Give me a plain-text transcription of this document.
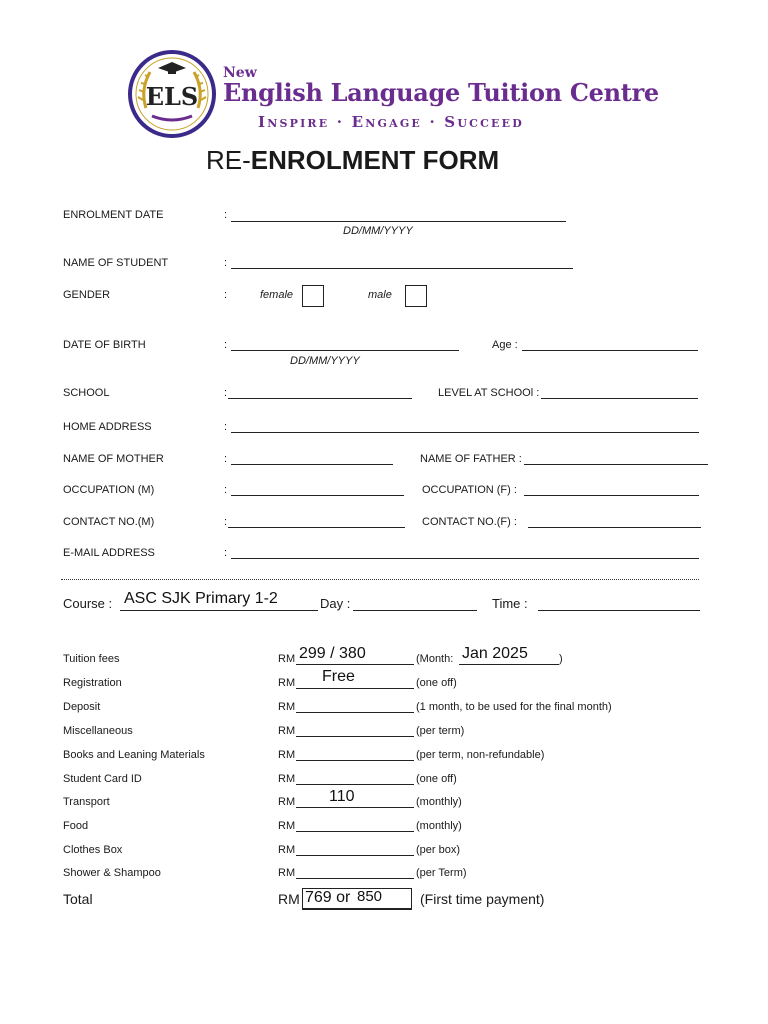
ELS
New
English Language Tuition Centre
Inspire · Engage · Succeed
RE-ENROLMENT FORM
ENROLMENT DATE	:
DD/MM/YYYY
NAME OF STUDENT	:
GENDER	:	female	male
DATE OF BIRTH	:
DD/MM/YYYY
Age :
SCHOOL	:	LEVEL AT SCHOOl :
HOME ADDRESS	:
NAME OF MOTHER	:	NAME OF FATHER :
OCCUPATION (M)	:	OCCUPATION (F) :
CONTACT NO.(M)	:	CONTACT NO.(F) :
E-MAIL ADDRESS	:
Course : ASC SJK Primary 1-2	Day :	Time :
Tuition fees	RM 299 / 380	(Month: Jan 2025	)
Registration	RM Free	(one off)
Deposit	RM	(1 month, to be used for the final month)
Miscellaneous	RM	(per term)
Books and Leaning Materials	RM	(per term, non-refundable)
Student Card ID	RM	(one off)
Transport	RM 110	(monthly)
Food	RM	(monthly)
Clothes Box	RM	(per box)
Shower & Shampoo	RM	(per Term)
Total	RM 769 or 850	(First time payment)
